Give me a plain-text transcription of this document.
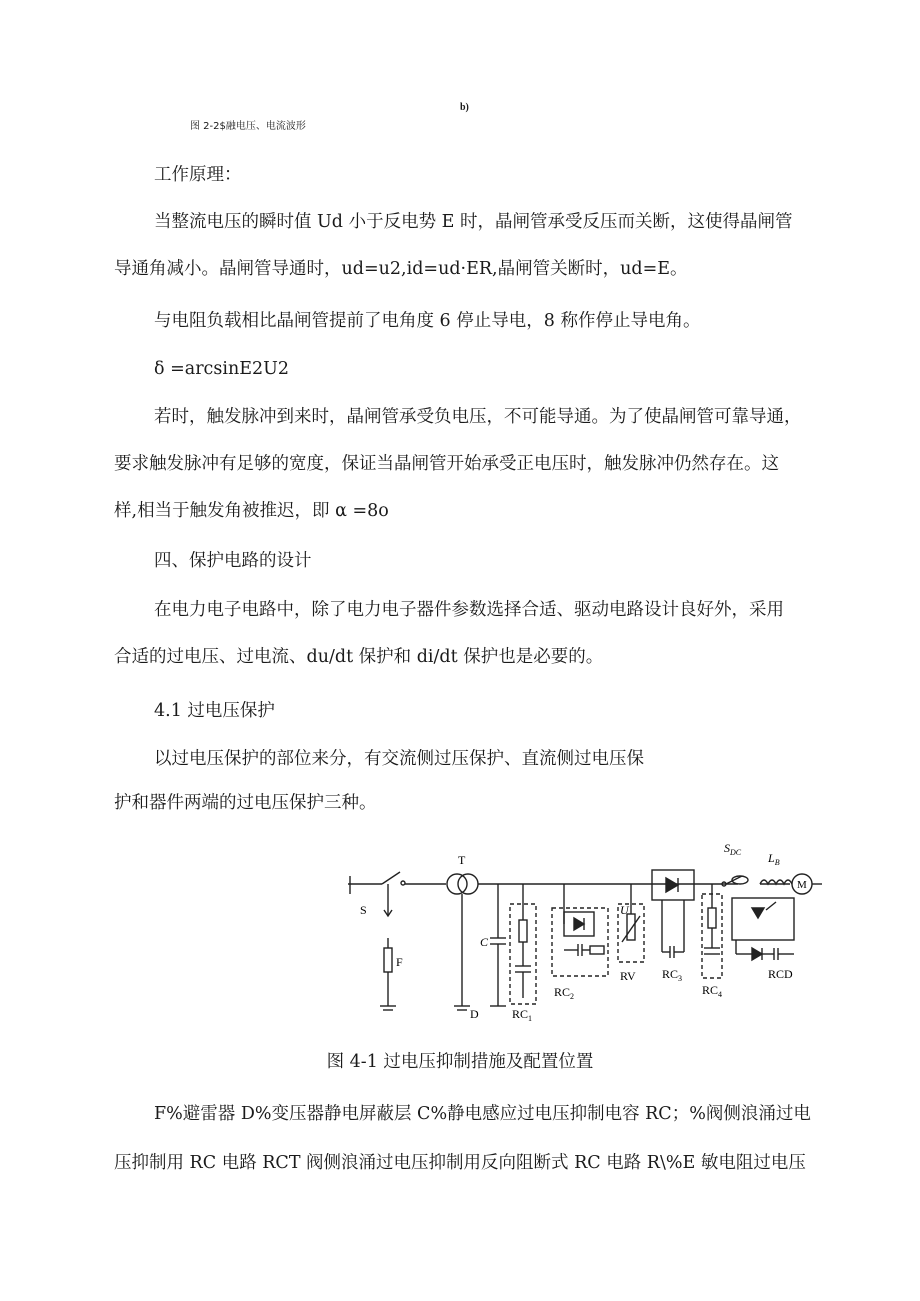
b)
图 2-2$融电压、电流波形
工作原理：
当整流电压的瞬时值 Ud 小于反电势 E 时，晶闸管承受反压而关断，这使得晶闸管
导通角减小。晶闸管导通时，ud=u2,id=ud·ER,晶闸管关断时，ud=E。
与电阻负载相比晶闸管提前了电角度 6 停止导电，8 称作停止导电角。
δ =arcsinE2U2
若时，触发脉冲到来时，晶闸管承受负电压，不可能导通。为了使晶闸管可靠导通，
要求触发脉冲有足够的宽度，保证当晶闸管开始承受正电压时，触发脉冲仍然存在。这
样,相当于触发角被推迟，即 α =8o
四、保护电路的设计
在电力电子电路中，除了电力电子器件参数选择合适、驱动电路设计良好外，采用
合适的过电压、过电流、du/dt 保护和 di/dt 保护也是必要的。
4.1 过电压保护
以过电压保护的部位来分，有交流侧过压保护、直流侧过电压保
护和器件两端的过电压保护三种。
S
T
F
C
D	$RC_1$
$RC_2$
RV
U
$RC_3$
$RC_4$
RCD
$S_{DC}$ $L_B$
M
图 4-1 过电压抑制措施及配置位置
F%避雷器 D%变压器静电屏蔽层 C%静电感应过电压抑制电容 RC；%阀侧浪涌过电
压抑制用 RC 电路 RCT 阀侧浪涌过电压抑制用反向阻断式 RC 电路 R\%E 敏电阻过电压
